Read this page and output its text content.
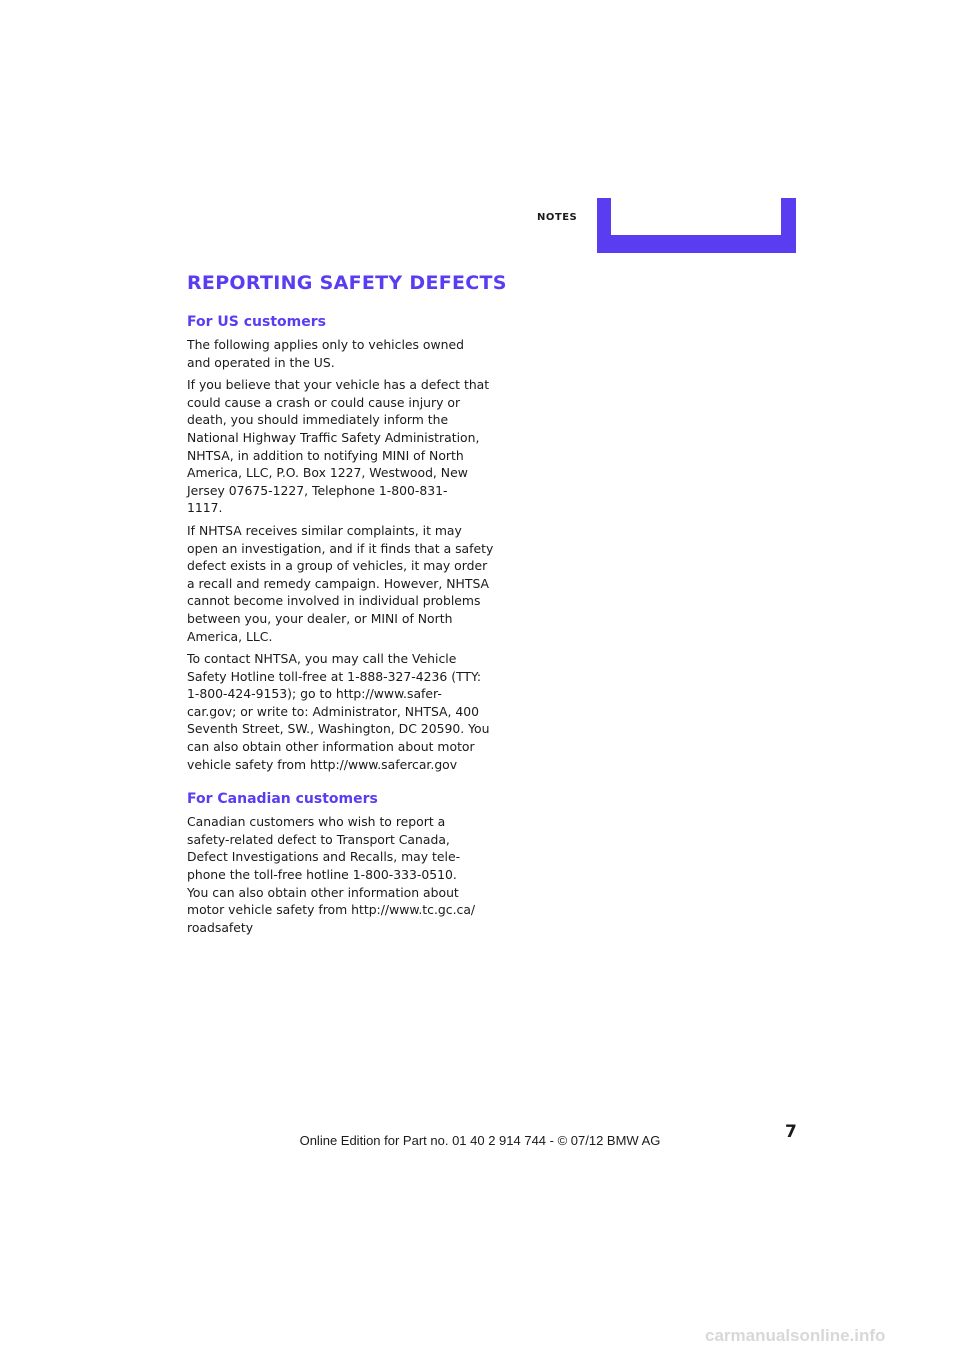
NOTES
REPORTING SAFETY DEFECTS
For US customers

The following applies only to vehicles owned
and operated in the US.

If you believe that your vehicle has a defect that
could cause a crash or could cause injury or
death, you should immediately inform the
National Highway Traffic Safety Administration,
NHTSA, in addition to notifying MINI of North
America, LLC, P.O. Box 1227, Westwood, New
Jersey 07675-1227, Telephone 1-800-831-
1117.

If NHTSA receives similar complaints, it may
open an investigation, and if it finds that a safety
defect exists in a group of vehicles, it may order
a recall and remedy campaign. However, NHTSA
cannot become involved in individual problems
between you, your dealer, or MINI of North
America, LLC.

To contact NHTSA, you may call the Vehicle
Safety Hotline toll-free at 1-888-327-4236 (TTY:
1-800-424-9153); go to http://www.safer-
car.gov; or write to: Administrator, NHTSA, 400
Seventh Street, SW., Washington, DC 20590. You
can also obtain other information about motor
vehicle safety from http://www.safercar.gov

For Canadian customers

Canadian customers who wish to report a
safety-related defect to Transport Canada,
Defect Investigations and Recalls, may tele-
phone the toll-free hotline 1-800-333-0510.
You can also obtain other information about
motor vehicle safety from http://www.tc.gc.ca/
roadsafety

7
Online Edition for Part no. 01 40 2 914 744 - © 07/12 BMW AG
carmanualsonline.info
